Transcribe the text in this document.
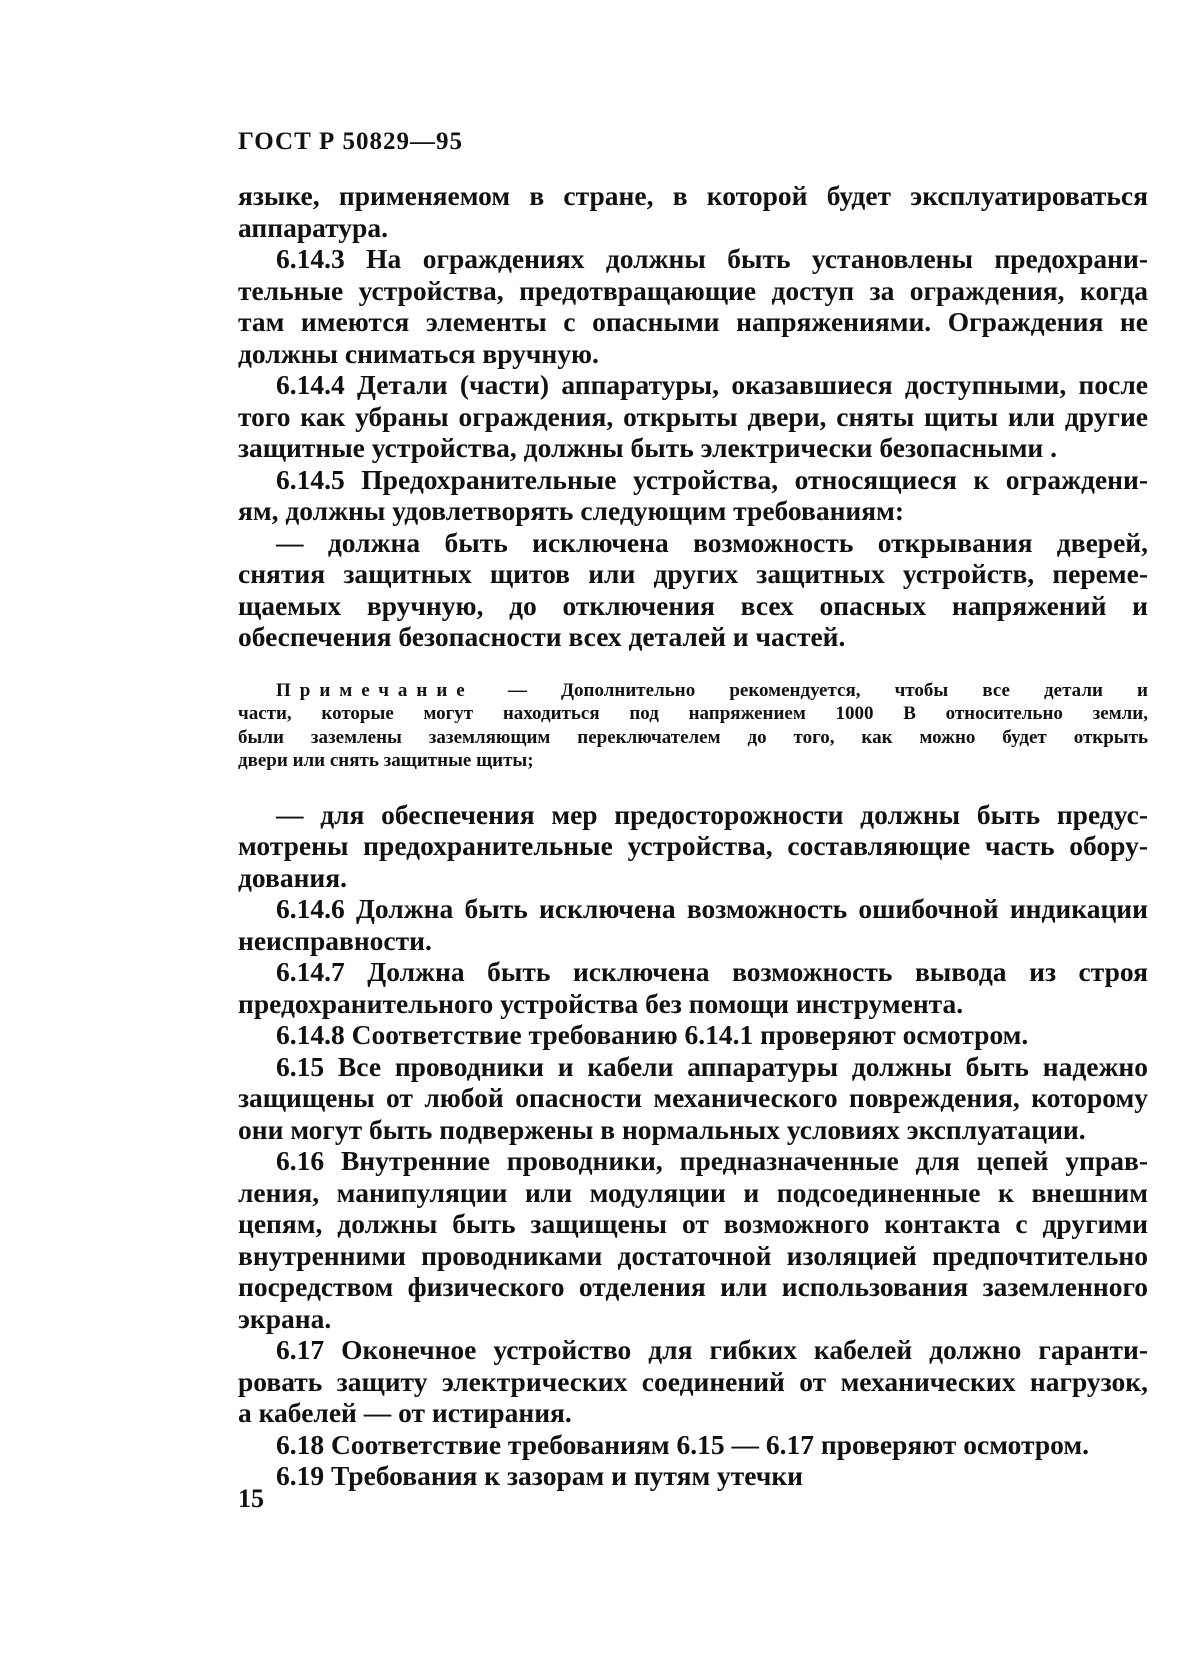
ГОСТ Р 50829—95

языке, применяемом в стране, в которой будет эксплуатироваться
аппаратура.

6.14.3 На ограждениях должны быть установлены предохрани-
тельные устройства, предотвращающие доступ за ограждения, когда
там имеются элементы с опасными напряжениями. Ограждения не
должны сниматься вручную.

6.14.4 Детали (части) аппаратуры, оказавшиеся доступными, после
того как убраны ограждения, открыты двери, сняты щиты или другие
защитные устройства, должны быть электрически безопасными .

6.14.5 Предохранительные устройства, относящиеся к ограждени-
ям, должны удовлетворять следующим требованиям:

— должна быть исключена возможность открывания дверей,
снятия защитных щитов или других защитных устройств, переме-
щаемых вручную, до отключения всех опасных напряжений и
обеспечения безопасности всех деталей и частей.

Примечание — Дополнительно рекомендуется, чтобы все детали и
части, которые могут находиться под напряжением 1000 В относительно земли,
были заземлены заземляющим переключателем до того, как можно будет открыть
двери или снять защитные щиты;

— для обеспечения мер предосторожности должны быть предус-
мотрены предохранительные устройства, составляющие часть обору-
дования.

6.14.6 Должна быть исключена возможность ошибочной индикации
неисправности.

6.14.7 Должна быть исключена возможность вывода из строя
предохранительного устройства без помощи инструмента.

6.14.8 Соответствие требованию 6.14.1 проверяют осмотром.

6.15 Все проводники и кабели аппаратуры должны быть надежно
защищены от любой опасности механического повреждения, которому
они могут быть подвержены в нормальных условиях эксплуатации.

6.16 Внутренние проводники, предназначенные для цепей управ-
ления, манипуляции или модуляции и подсоединенные к внешним
цепям, должны быть защищены от возможного контакта с другими
внутренними проводниками достаточной изоляцией предпочтительно
посредством физического отделения или использования заземленного
экрана.

6.17 Оконечное устройство для гибких кабелей должно гаранти-
ровать защиту электрических соединений от механических нагрузок,
а кабелей — от истирания.

6.18 Соответствие требованиям 6.15 — 6.17 проверяют осмотром.

6.19 Требования к зазорам и путям утечки

15
